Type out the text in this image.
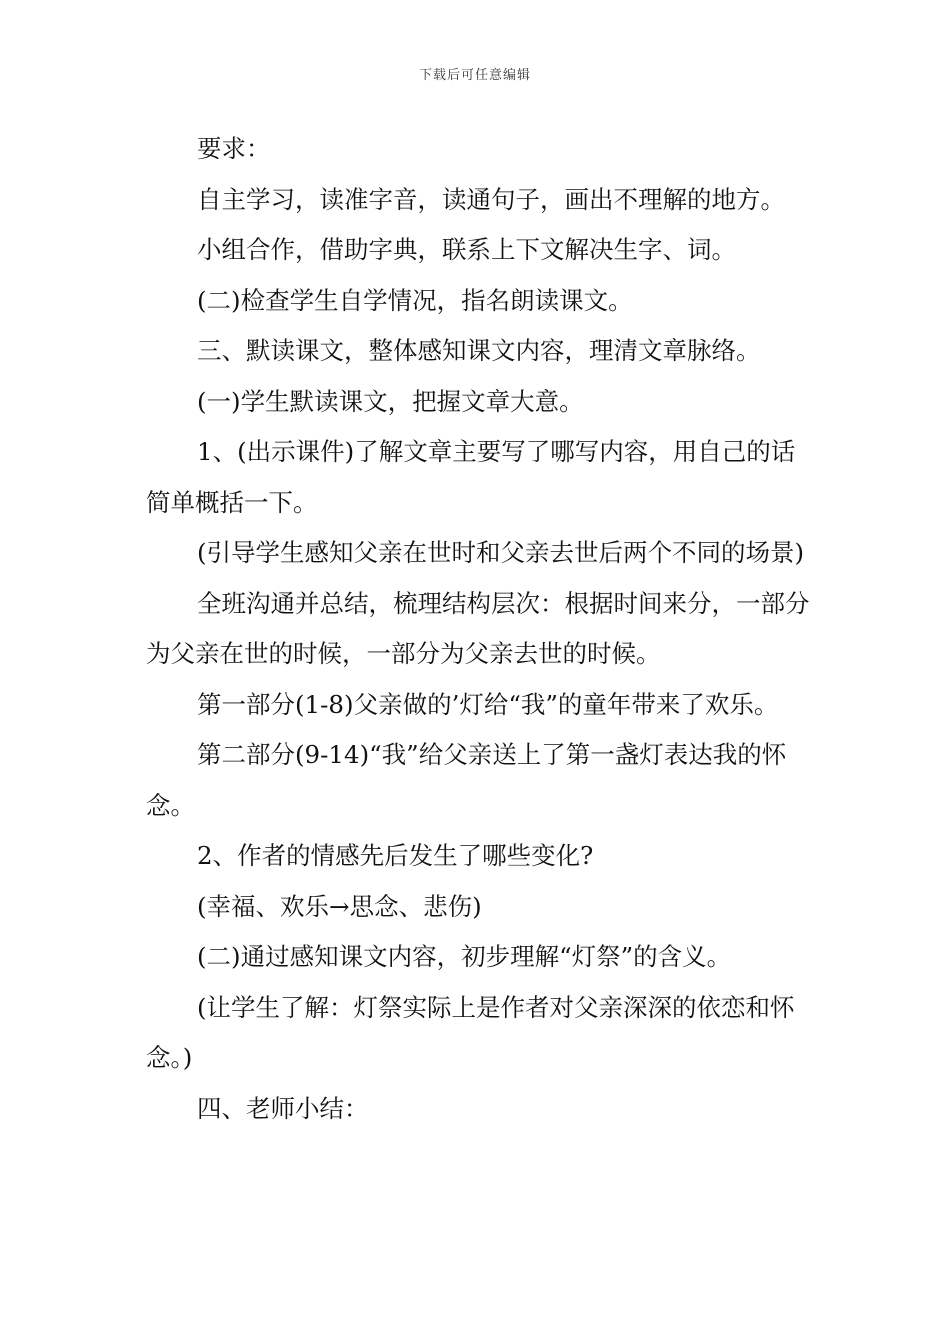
下载后可任意编辑

要求：

自主学习，读准字音，读通句子，画出不理解的地方。

小组合作，借助字典，联系上下文解决生字、词。

(二)检查学生自学情况，指名朗读课文。

三、默读课文，整体感知课文内容，理清文章脉络。

(一)学生默读课文，把握文章大意。

1、(出示课件)了解文章主要写了哪写内容，用自己的话简单概括一下。

(引导学生感知父亲在世时和父亲去世后两个不同的场景)

全班沟通并总结，梳理结构层次：根据时间来分，一部分为父亲在世的时候，一部分为父亲去世的时候。

第一部分(1-8)父亲做的’灯给“我”的童年带来了欢乐。

第二部分(9-14)“我”给父亲送上了第一盏灯表达我的怀念。

2、作者的情感先后发生了哪些变化?

(幸福、欢乐→思念、悲伤)

(二)通过感知课文内容，初步理解“灯祭”的含义。

(让学生了解：灯祭实际上是作者对父亲深深的依恋和怀念。)

四、老师小结：
